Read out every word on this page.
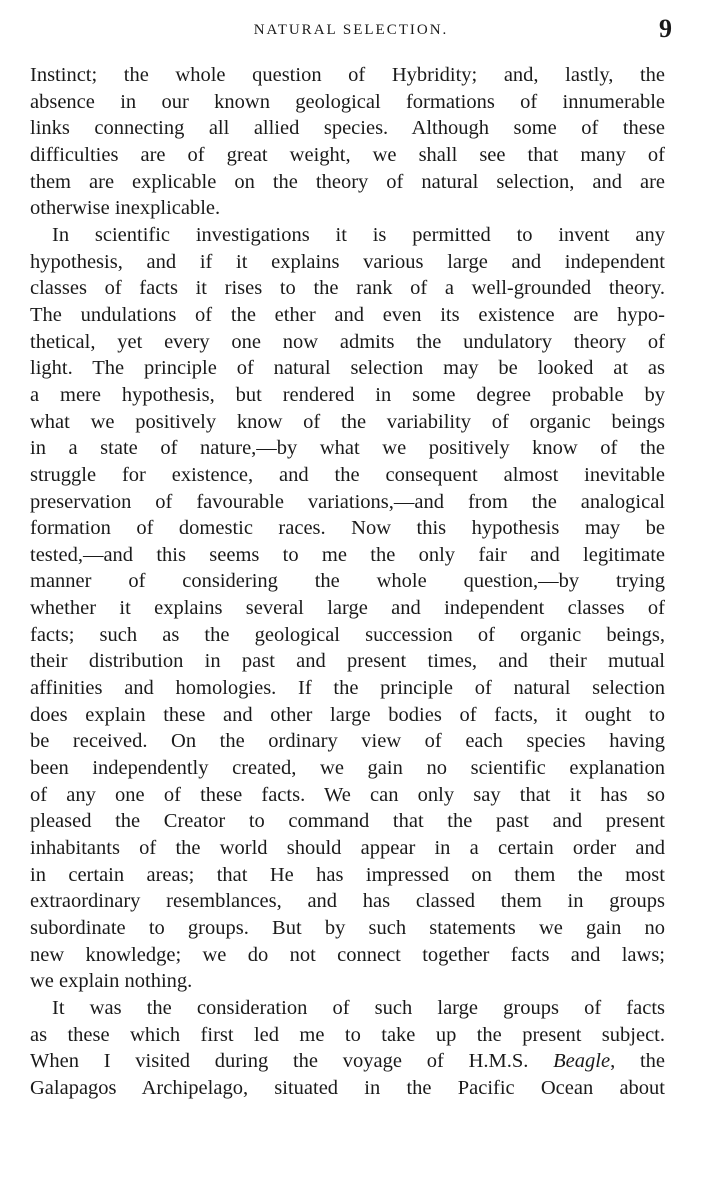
NATURAL SELECTION.	9
Instinct; the whole question of Hybridity; and, lastly, the
absence in our known geological formations of innumerable
links connecting all allied species. Although some of these
difficulties are of great weight, we shall see that many of
them are explicable on the theory of natural selection, and are
otherwise inexplicable.
In scientific investigations it is permitted to invent any
hypothesis, and if it explains various large and independent
classes of facts it rises to the rank of a well-grounded theory.
The undulations of the ether and even its existence are hypo-
thetical, yet every one now admits the undulatory theory of
light. The principle of natural selection may be looked at as
a mere hypothesis, but rendered in some degree probable by
what we positively know of the variability of organic beings
in a state of nature,—by what we positively know of the
struggle for existence, and the consequent almost inevitable
preservation of favourable variations,—and from the analogical
formation of domestic races. Now this hypothesis may be
tested,—and this seems to me the only fair and legitimate
manner of considering the whole question,—by trying
whether it explains several large and independent classes of
facts; such as the geological succession of organic beings,
their distribution in past and present times, and their mutual
affinities and homologies. If the principle of natural selection
does explain these and other large bodies of facts, it ought to
be received. On the ordinary view of each species having
been independently created, we gain no scientific explanation
of any one of these facts. We can only say that it has so
pleased the Creator to command that the past and present
inhabitants of the world should appear in a certain order and
in certain areas; that He has impressed on them the most
extraordinary resemblances, and has classed them in groups
subordinate to groups. But by such statements we gain no
new knowledge; we do not connect together facts and laws;
we explain nothing.
It was the consideration of such large groups of facts
as these which first led me to take up the present subject.
When I visited during the voyage of H.M.S. Beagle, the
Galapagos Archipelago, situated in the Pacific Ocean about
